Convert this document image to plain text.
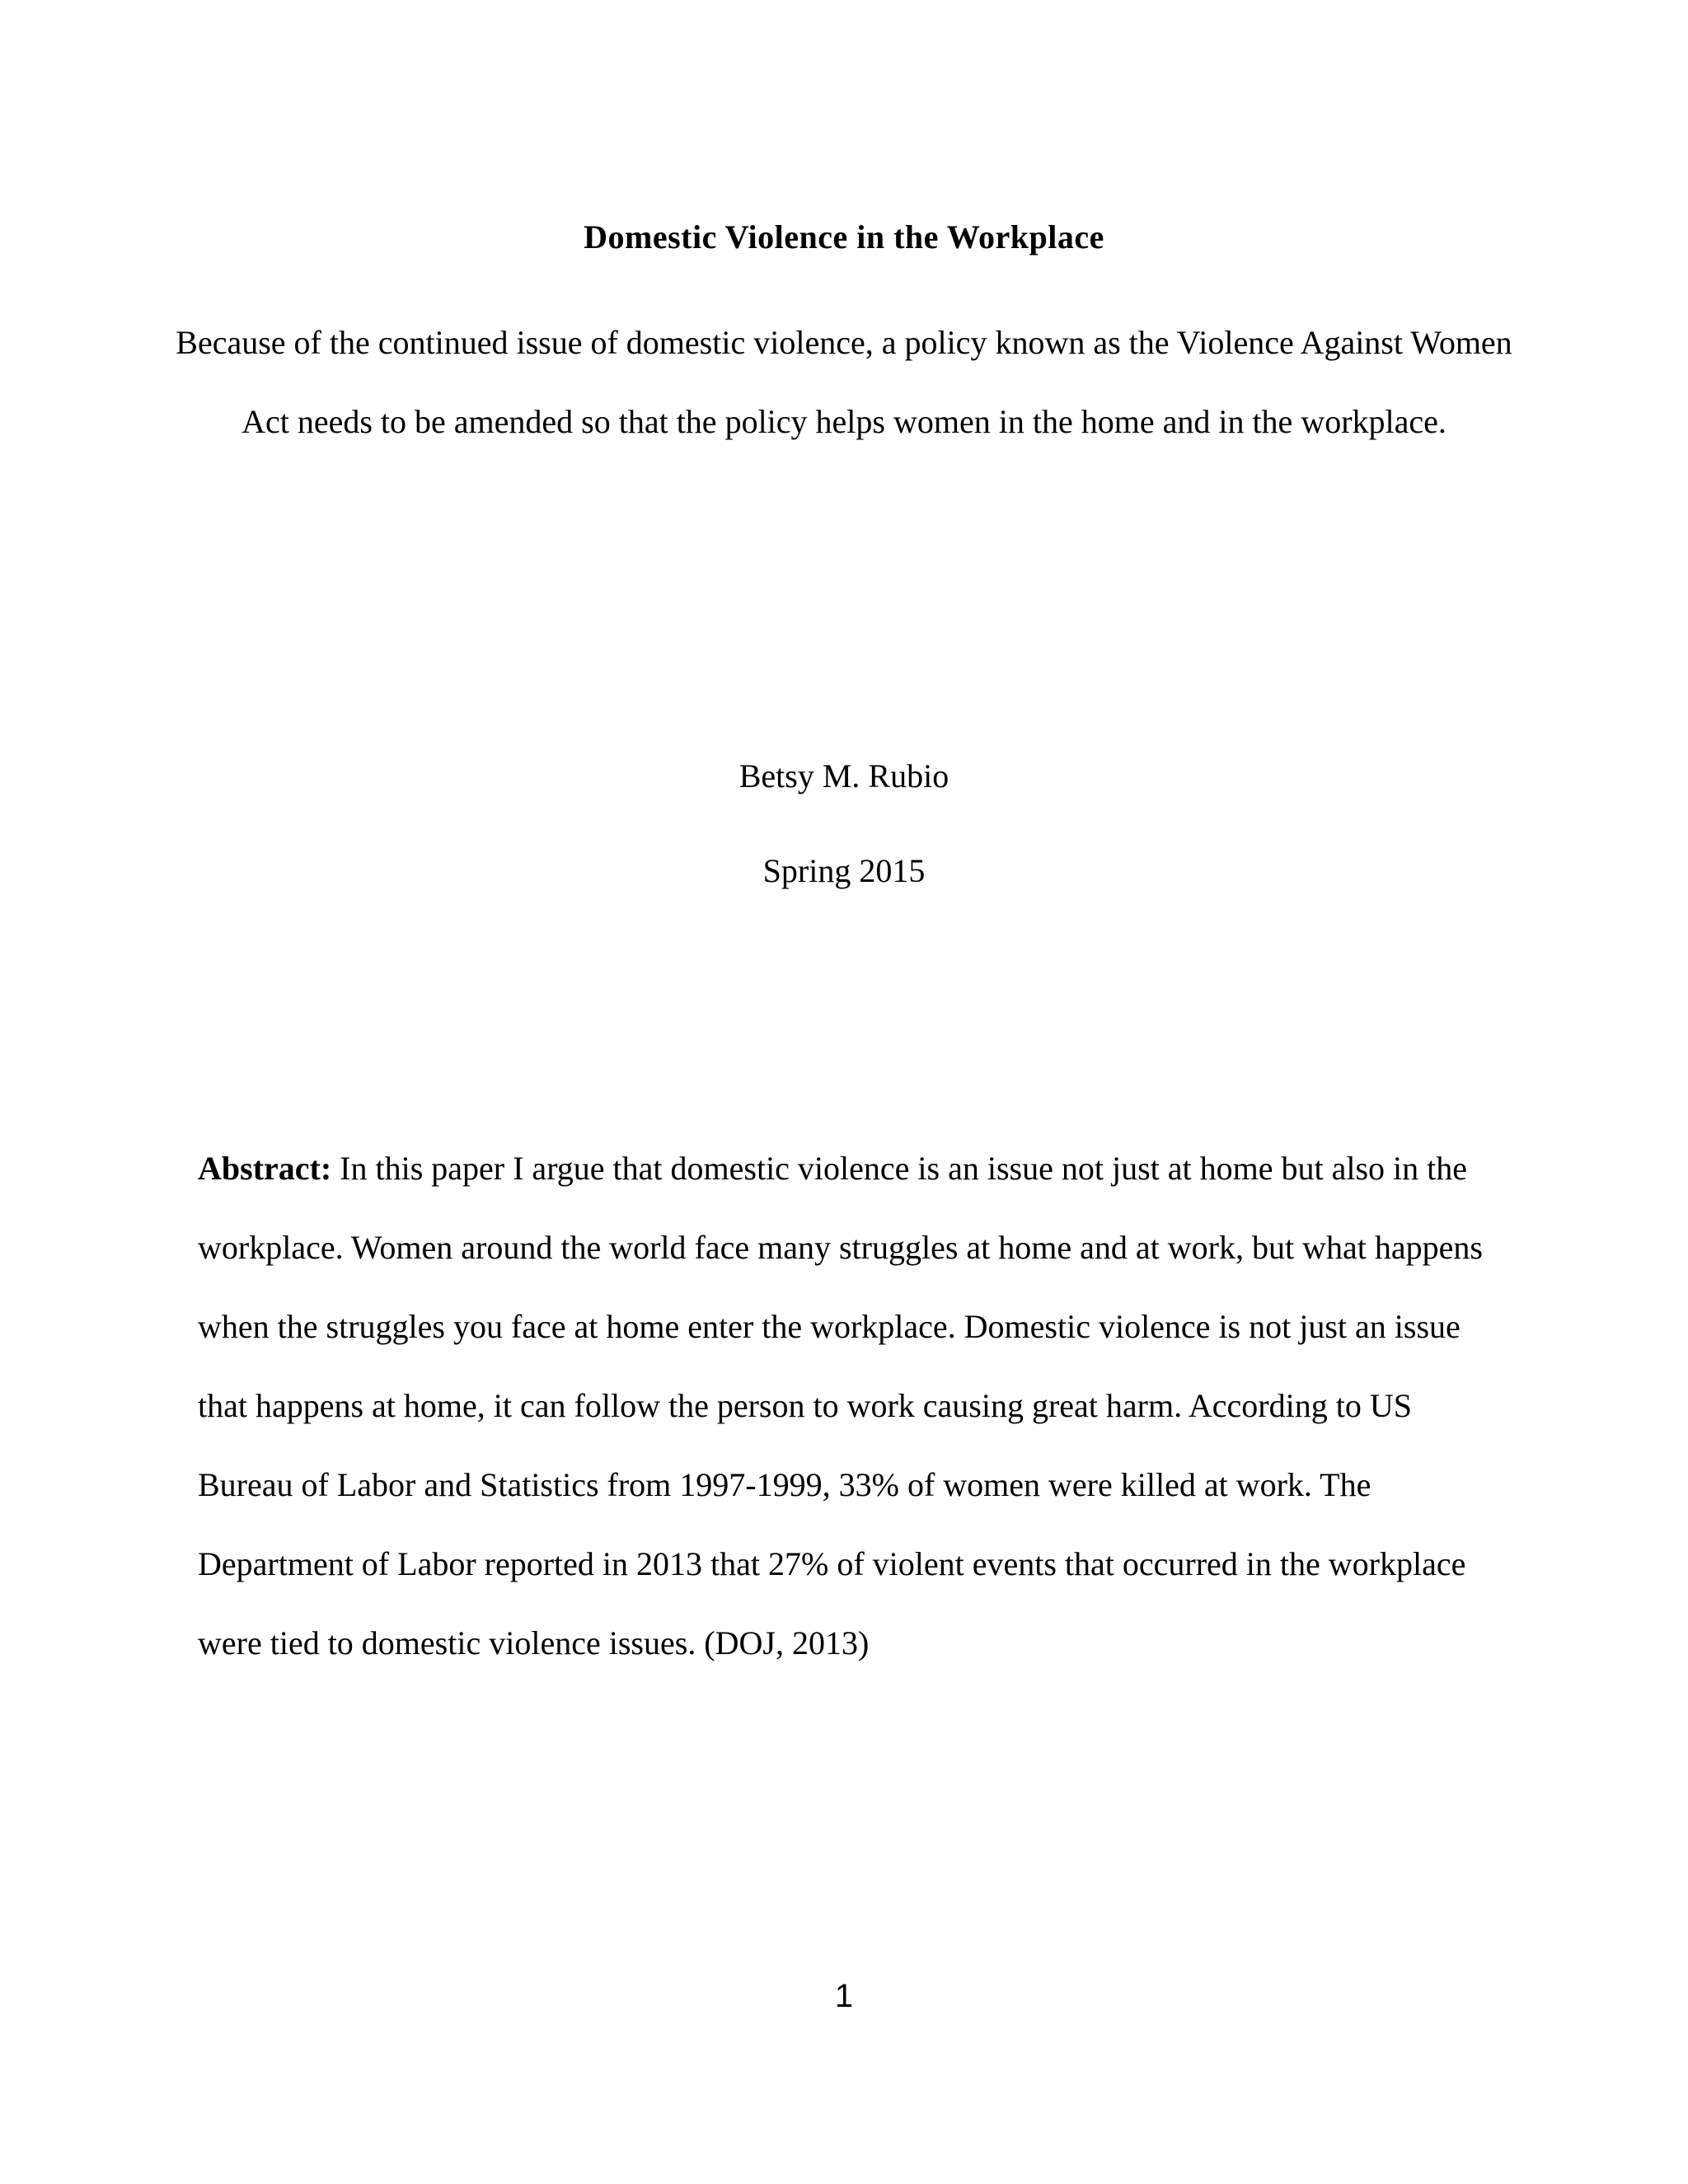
Domestic Violence in the Workplace
Because of the continued issue of domestic violence, a policy known as the Violence Against Women Act needs to be amended so that the policy helps women in the home and in the workplace.
Betsy M. Rubio
Spring 2015
Abstract: In this paper I argue that domestic violence is an issue not just at home but also in the workplace. Women around the world face many struggles at home and at work, but what happens when the struggles you face at home enter the workplace. Domestic violence is not just an issue that happens at home, it can follow the person to work causing great harm. According to US Bureau of Labor and Statistics from 1997-1999, 33% of women were killed at work. The Department of Labor reported in 2013 that 27% of violent events that occurred in the workplace were tied to domestic violence issues. (DOJ, 2013)
1
